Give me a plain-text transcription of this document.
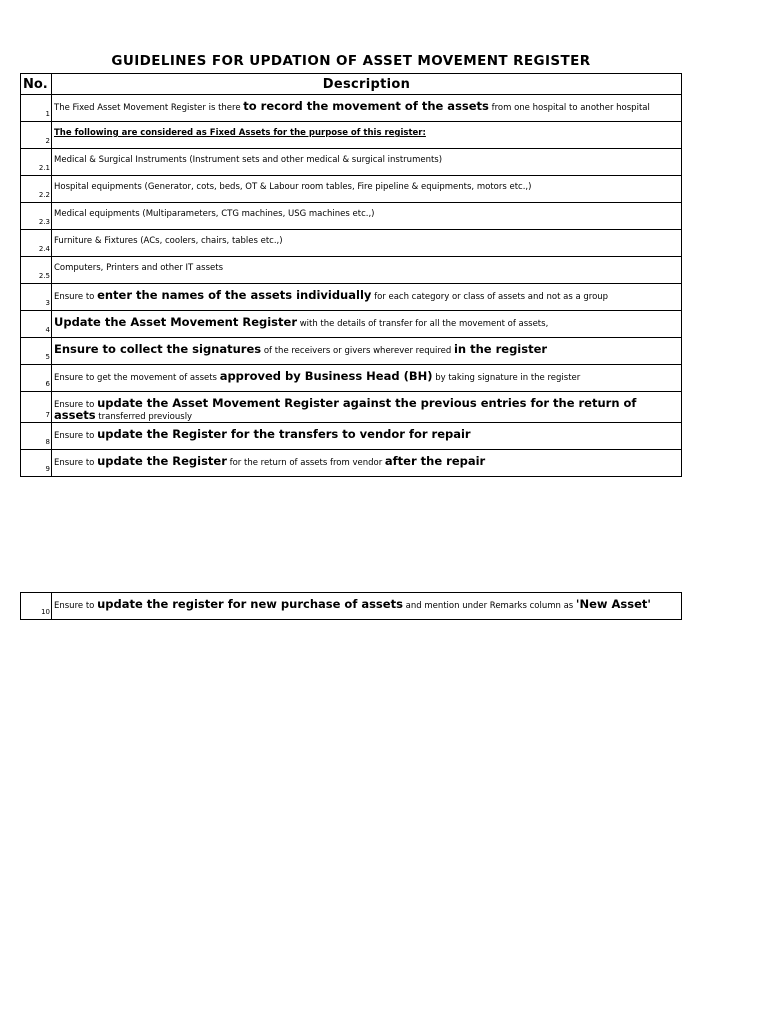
GUIDELINES FOR UPDATION OF ASSET MOVEMENT REGISTER
No.	Description
1	The Fixed Asset Movement Register is there to record the movement of the assets from one hospital to another hospital
2	The following are considered as Fixed Assets for the purpose of this register:
2.1	Medical & Surgical Instruments (Instrument sets and other medical & surgical instruments)
2.2	Hospital equipments (Generator, cots, beds, OT & Labour room tables, Fire pipeline & equipments, motors etc.,)
2.3	Medical equipments (Multiparameters, CTG machines, USG machines etc.,)
2.4	Furniture & Fixtures (ACs, coolers, chairs, tables etc.,)
2.5	Computers, Printers and other IT assets
3	Ensure to enter the names of the assets individually for each category or class of assets and not as a group
4	Update the Asset Movement Register with the details of transfer for all the movement of assets,
5	Ensure to collect the signatures of the receivers or givers wherever required in the register
6	Ensure to get the movement of assets approved by Business Head (BH) by taking signature in the register
7	Ensure to update the Asset Movement Register against the previous entries for the return of assets transferred previously
8	Ensure to update the Register for the transfers to vendor for repair
9	Ensure to update the Register for the return of assets from vendor after the repair
10	Ensure to update the register for new purchase of assets and mention under Remarks column as 'New Asset'
